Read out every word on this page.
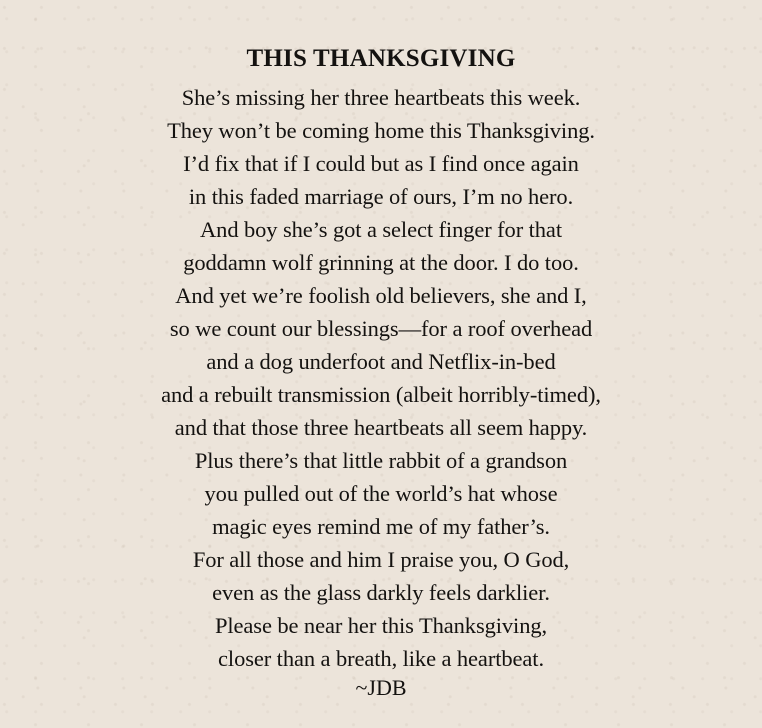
THIS THANKSGIVING
She’s missing her three heartbeats this week.
They won’t be coming home this Thanksgiving.
I’d fix that if I could but as I find once again
in this faded marriage of ours, I’m no hero.
And boy she’s got a select finger for that
goddamn wolf grinning at the door. I do too.
And yet we’re foolish old believers, she and I,
so we count our blessings—for a roof overhead
and a dog underfoot and Netflix-in-bed
and a rebuilt transmission (albeit horribly-timed),
and that those three heartbeats all seem happy.
Plus there’s that little rabbit of a grandson
you pulled out of the world’s hat whose
magic eyes remind me of my father’s.
For all those and him I praise you, O God,
even as the glass darkly feels darklier.
Please be near her this Thanksgiving,
closer than a breath, like a heartbeat.

~JDB
